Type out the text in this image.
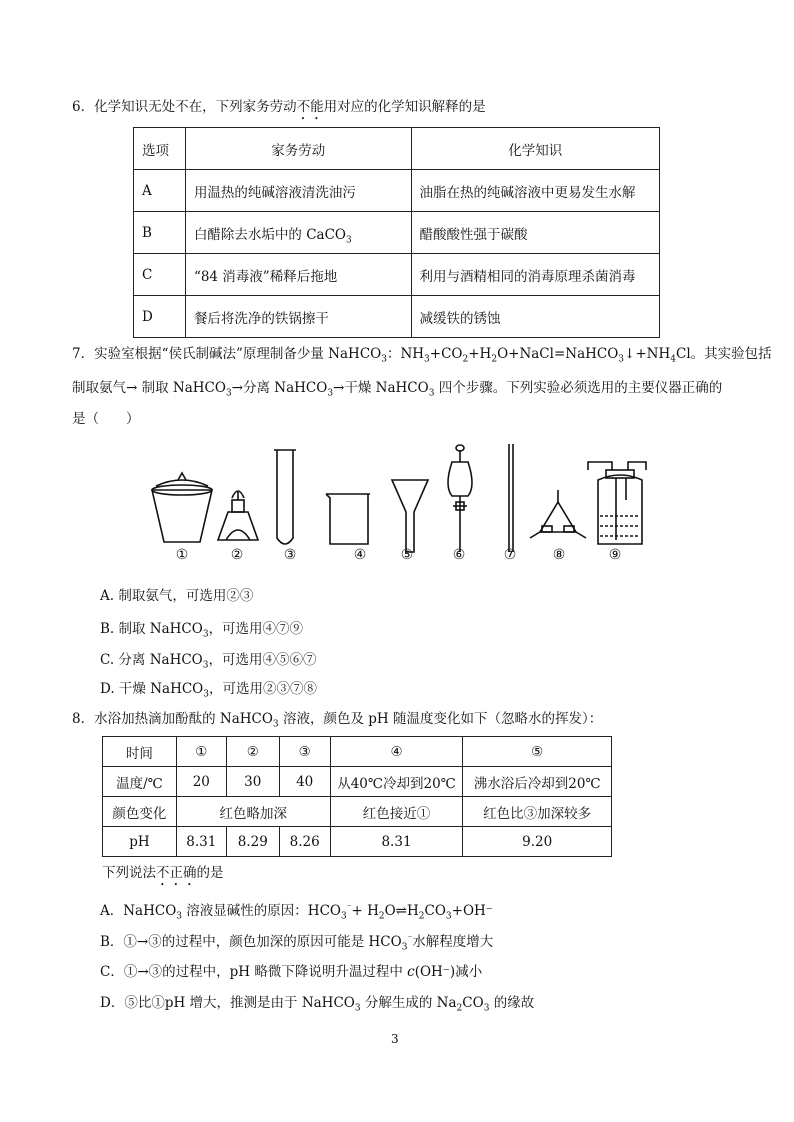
6．化学知识无处不在，下列家务劳动不能用对应的化学知识解释的是
选项	家务劳动	化学知识
A	用温热的纯碱溶液清洗油污	油脂在热的纯碱溶液中更易发生水解
B	白醋除去水垢中的 CaCO$_3$	醋酸酸性强于碳酸
C	“84 消毒液”稀释后拖地	利用与酒精相同的消毒原理杀菌消毒
D	餐后将洗净的铁锅擦干	减缓铁的锈蚀
7．实验室根据“侯氏制碱法”原理制备少量 NaHCO$_3$：$NH_3+CO_2+H_2O+NaCl=NaHCO_3↓+NH_4Cl$。其实验包括
制取氨气→ 制取 NaHCO$_3$→分离 NaHCO$_3$→干燥 NaHCO$_3$ 四个步骤。下列实验必须选用的主要仪器正确的
是（　　）
①	②	③	④	⑤	⑥	⑦	⑧	⑨
A. 制取氨气，可选用②③
B. 制取 NaHCO$_3$，可选用④⑦⑨
C. 分离 NaHCO$_3$，可选用④⑤⑥⑦
D. 干燥 NaHCO$_3$，可选用②③⑦⑧
8．水浴加热滴加酚酞的 NaHCO$_3$ 溶液，颜色及 pH 随温度变化如下（忽略水的挥发）：
时间	①	②	③	④	⑤
温度/℃	20	30	40	从40℃冷却到20℃	沸水浴后冷却到20℃
颜色变化	红色略加深			红色接近①	红色比③加深较多
pH	8.31	8.29	8.26	8.31	9.20
下列说法不正确的是
A．NaHCO$_3$ 溶液显碱性的原因：$HCO_3^{^-}+$ $H_2O\rightleftharpoons H_2CO_3+OH^-$
B．①→③的过程中，颜色加深的原因可能是 $HCO_3^{^-}$水解程度增大
C．①→③的过程中，pH 略微下降说明升温过程中 c(OH⁻)减小
D．⑤比①pH 增大，推测是由于 NaHCO$_3$ 分解生成的 $Na_2CO_3$ 的缘故
3
